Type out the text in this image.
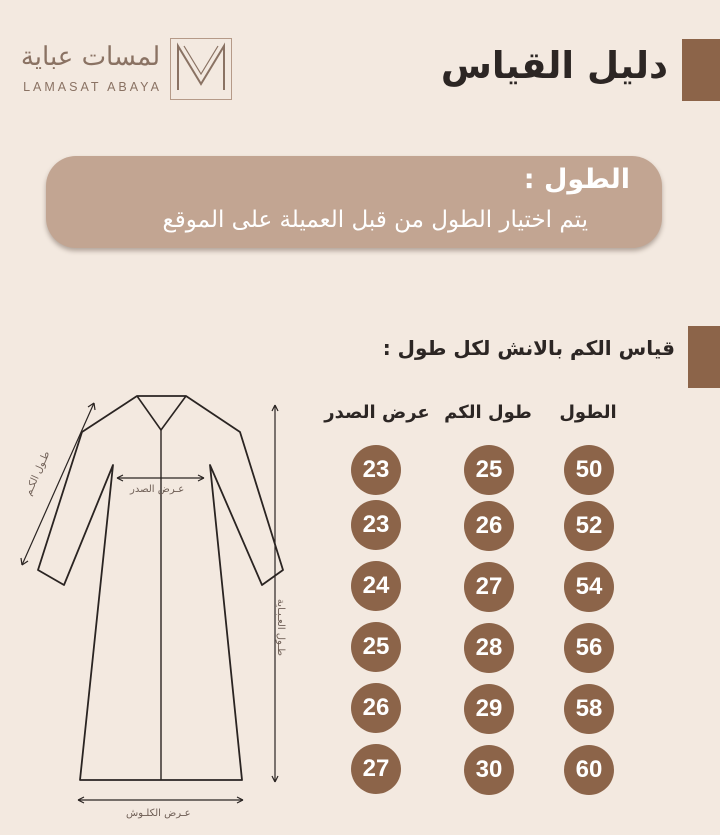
لمسات عباية
LAMASAT ABAYA	دليل القياس
الطول :
يتم اختيار الطول من قبل العميلة على الموقع
قياس الكم بالانش لكل طول :
الطول
طول الكم
عرض الصدر
50
25
23
52
26
23
54
27
24
56
28
25
58
29
26
60
30
27
طـول الكـم	عـرض الصدر
طـول العـبـاية
عـرض الكلـوش
